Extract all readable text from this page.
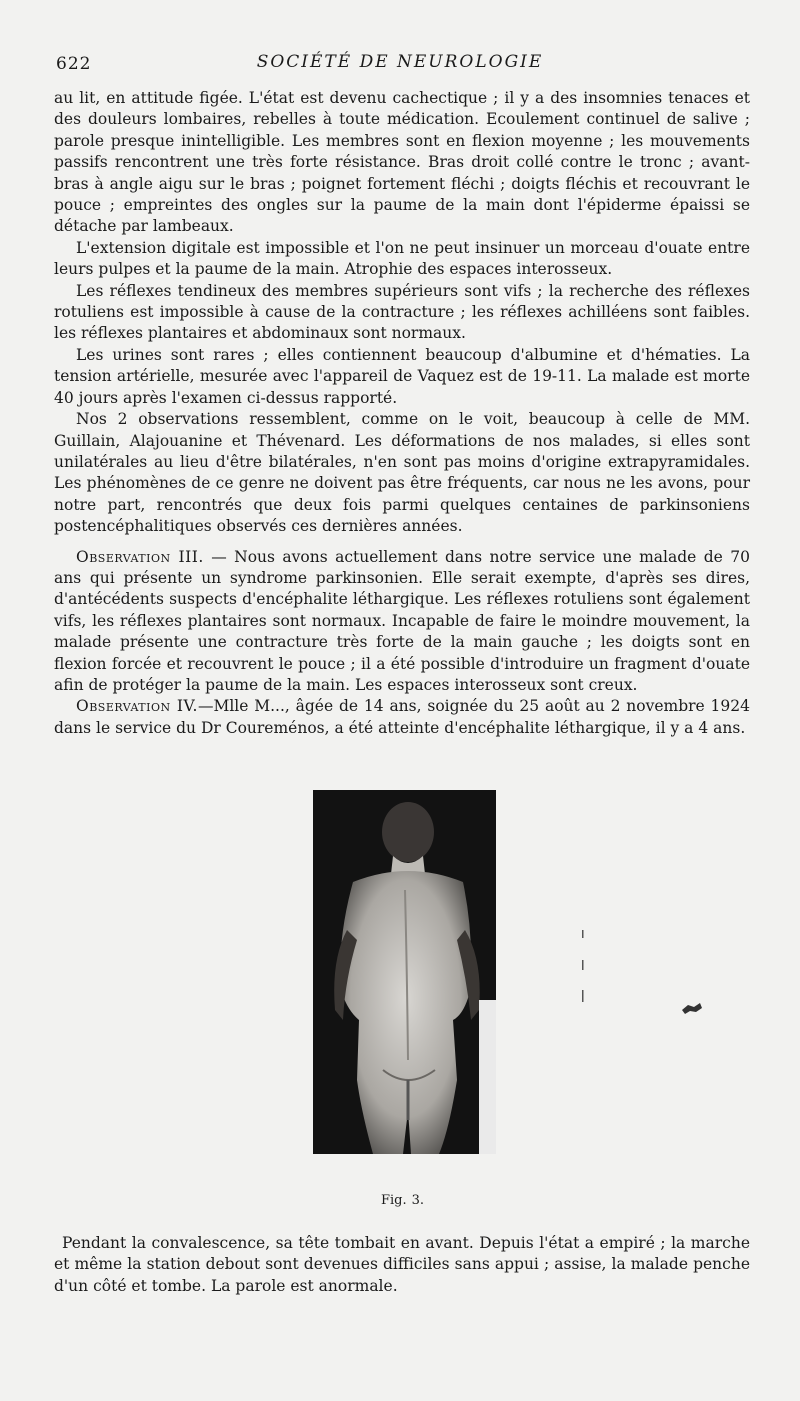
622	SOCIÉTÉ DE NEUROLOGIE

au lit, en attitude figée. L'état est devenu cachectique ; il y a des insomnies tenaces et des douleurs lombaires, rebelles à toute médication. Ecoulement continuel de salive ; parole presque inintelligible. Les membres sont en flexion moyenne ; les mouvements passifs rencontrent une très forte résistance. Bras droit collé contre le tronc ; avant-bras à angle aigu sur le bras ; poignet fortement fléchi ; doigts fléchis et recouvrant le pouce ; empreintes des ongles sur la paume de la main dont l'épiderme épaissi se détache par lambeaux.

L'extension digitale est impossible et l'on ne peut insinuer un morceau d'ouate entre leurs pulpes et la paume de la main. Atrophie des espaces interosseux.

Les réflexes tendineux des membres supérieurs sont vifs ; la recherche des réflexes rotuliens est impossible à cause de la contracture ; les réflexes achilléens sont faibles. les réflexes plantaires et abdominaux sont normaux.

Les urines sont rares ; elles contiennent beaucoup d'albumine et d'hématies. La tension artérielle, mesurée avec l'appareil de Vaquez est de 19-11. La malade est morte 40 jours après l'examen ci-dessus rapporté.

Nos 2 observations ressemblent, comme on le voit, beaucoup à celle de MM. Guillain, Alajouanine et Thévenard. Les déformations de nos malades, si elles sont unilatérales au lieu d'être bilatérales, n'en sont pas moins d'origine extrapyramidales. Les phénomènes de ce genre ne doivent pas être fréquents, car nous ne les avons, pour notre part, rencontrés que deux fois parmi quelques centaines de parkinsoniens postencéphalitiques observés ces dernières années.

Observation III. — Nous avons actuellement dans notre service une malade de 70 ans qui présente un syndrome parkinsonien. Elle serait exempte, d'après ses dires, d'antécédents suspects d'encéphalite léthargique. Les réflexes rotuliens sont également vifs, les réflexes plantaires sont normaux. Incapable de faire le moindre mouvement, la malade présente une contracture très forte de la main gauche ; les doigts sont en flexion forcée et recouvrent le pouce ; il a été possible d'introduire un fragment d'ouate afin de protéger la paume de la main. Les espaces interosseux sont creux.

Observation IV.—Mlle M..., âgée de 14 ans, soignée du 25 août au 2 novembre 1924 dans le service du Dr Coureménos, a été atteinte d'encéphalite léthargique, il y a 4 ans.

Fig. 3.

Pendant la convalescence, sa tête tombait en avant. Depuis l'état a empiré ; la marche et même la station debout sont devenues difficiles sans appui ; assise, la malade penche d'un côté et tombe. La parole est anormale.
